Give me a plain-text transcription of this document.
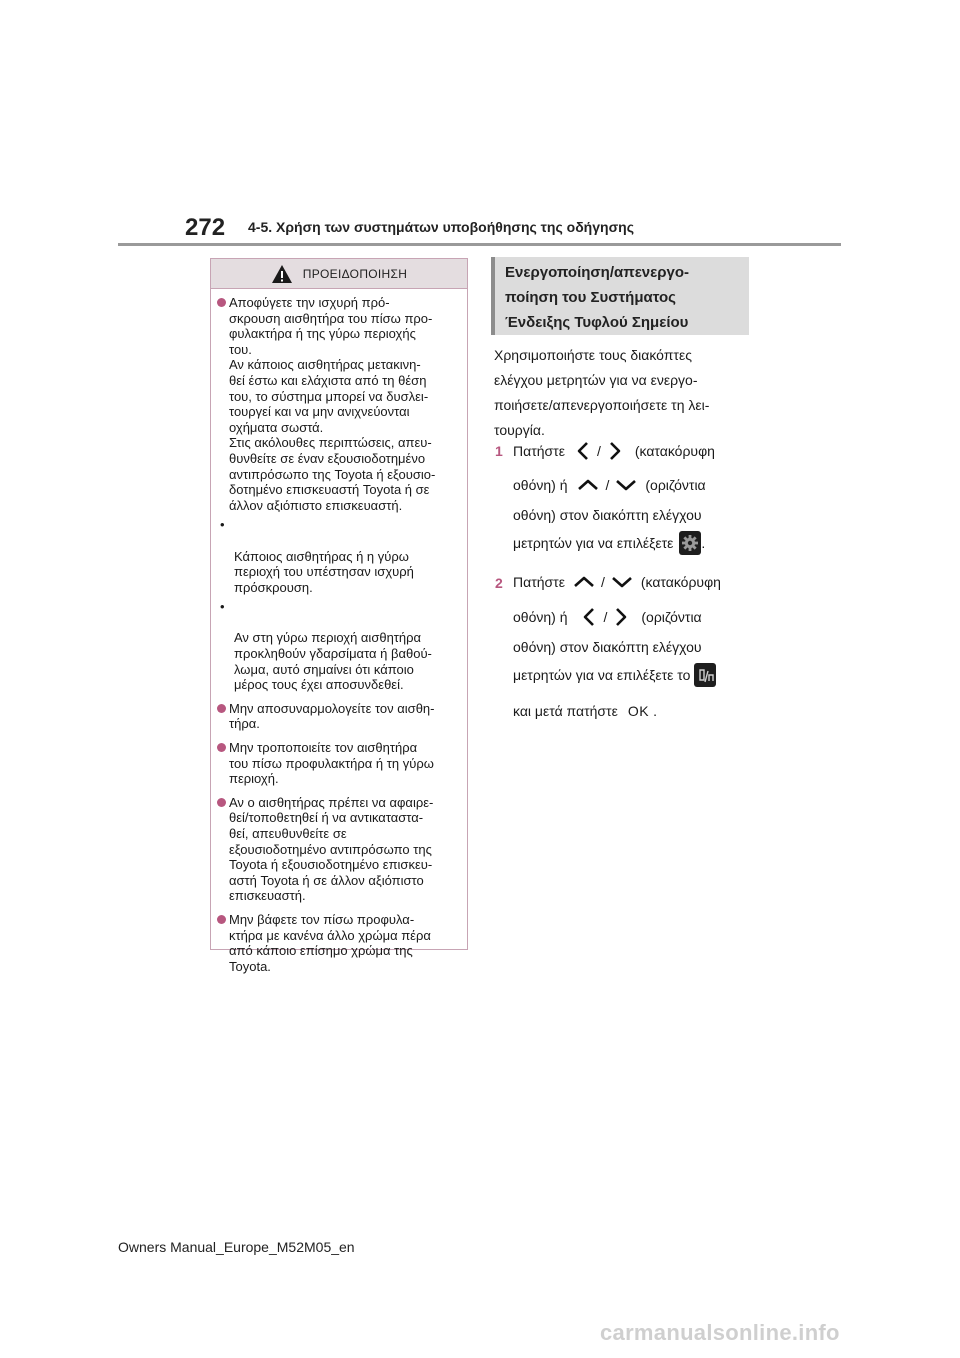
272 4-5. Χρήση των συστημάτων υποβοήθησης της οδήγησης
ΠΡΟΕΙΔΟΠΟΙΗΣΗ

Αποφύγετε την ισχυρή πρό-
σκρουση αισθητήρα του πίσω προ-
φυλακτήρα ή της γύρω περιοχής
του.
Αν κάποιος αισθητήρας μετακινη-
θεί έστω και ελάχιστα από τη θέση
του, το σύστημα μπορεί να δυσλει-
τουργεί και να μην ανιχνεύονται
οχήματα σωστά.
Στις ακόλουθες περιπτώσεις, απευ-
θυνθείτε σε έναν εξουσιοδοτημένο
αντιπρόσωπο της Toyota ή εξουσιο-
δοτημένο επισκευαστή Toyota ή σε
άλλον αξιόπιστο επισκευαστή.

•

Κάποιος αισθητήρας ή η γύρω
περιοχή του υπέστησαν ισχυρή
πρόσκρουση.

•

Αν στη γύρω περιοχή αισθητήρα
προκληθούν γδαρσίματα ή βαθού-
λωμα, αυτό σημαίνει ότι κάποιο
μέρος τους έχει αποσυνδεθεί.

Μην αποσυναρμολογείτε τον αισθη-
τήρα.

Μην τροποποιείτε τον αισθητήρα
του πίσω προφυλακτήρα ή τη γύρω
περιοχή.

Αν ο αισθητήρας πρέπει να αφαιρε-
θεί/τοποθετηθεί ή να αντικαταστα-
θεί, απευθυνθείτε σε
εξουσιοδοτημένο αντιπρόσωπο της
Toyota ή εξουσιοδοτημένο επισκευ-
αστή Toyota ή σε άλλον αξιόπιστο
επισκευαστή.

Μην βάφετε τον πίσω προφυλα-
κτήρα με κανένα άλλο χρώμα πέρα
από κάποιο επίσημο χρώμα της
Toyota.

Ενεργοποίηση/απενεργο-
ποίηση του Συστήματος
Ένδειξης Τυφλού Σημείου

Χρησιμοποιήστε τους διακόπτες
ελέγχου μετρητών για να ενεργο-
ποιήσετε/απενεργοποιήσετε τη λει-
τουργία.

1 Πατήστε / (κατακόρυφη
οθόνη) ή	/	(οριζόντια
οθόνη) στον διακόπτη ελέγχου
μετρητών για να επιλέξετε .
2 Πατήστε	/	(κατακόρυφη
οθόνη) ή	/ (οριζόντια
οθόνη) στον διακόπτη ελέγχου
μετρητών για να επιλέξετε το
και μετά πατήστε OK .
Owners Manual_Europe_M52M05_en
carmanualsonline.info
